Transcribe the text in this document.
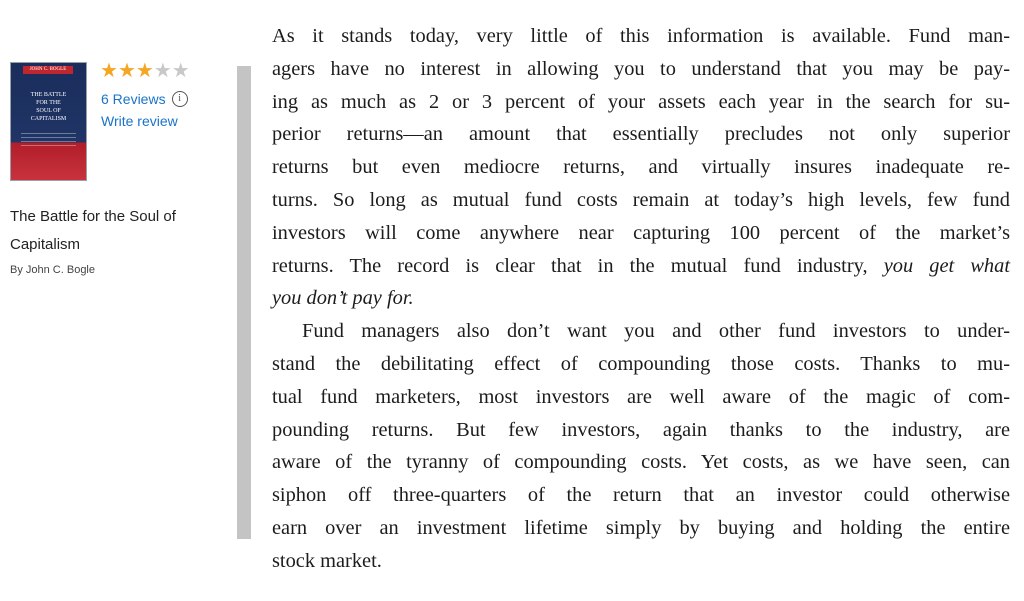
JOHN C. BOGLE
THE BATTLE
FOR THE
SOUL OF
CAPITALISM
★★★★★
6 Reviews	i
Write review
The Battle for the Soul of
Capitalism
By John C. Bogle
As it stands today, very little of this information is available. Fund man-
agers have no interest in allowing you to understand that you may be pay-
ing as much as 2 or 3 percent of your assets each year in the search for su-
perior returns—an amount that essentially precludes not only superior
returns but even mediocre returns, and virtually insures inadequate re-
turns. So long as mutual fund costs remain at today’s high levels, few fund
investors will come anywhere near capturing 100 percent of the market’s
returns. The record is clear that in the mutual fund industry, you get what
you don’t pay for.
Fund managers also don’t want you and other fund investors to under-
stand the debilitating effect of compounding those costs. Thanks to mu-
tual fund marketers, most investors are well aware of the magic of com-
pounding returns. But few investors, again thanks to the industry, are
aware of the tyranny of compounding costs. Yet costs, as we have seen, can
siphon off three-quarters of the return that an investor could otherwise
earn over an investment lifetime simply by buying and holding the entire
stock market.
